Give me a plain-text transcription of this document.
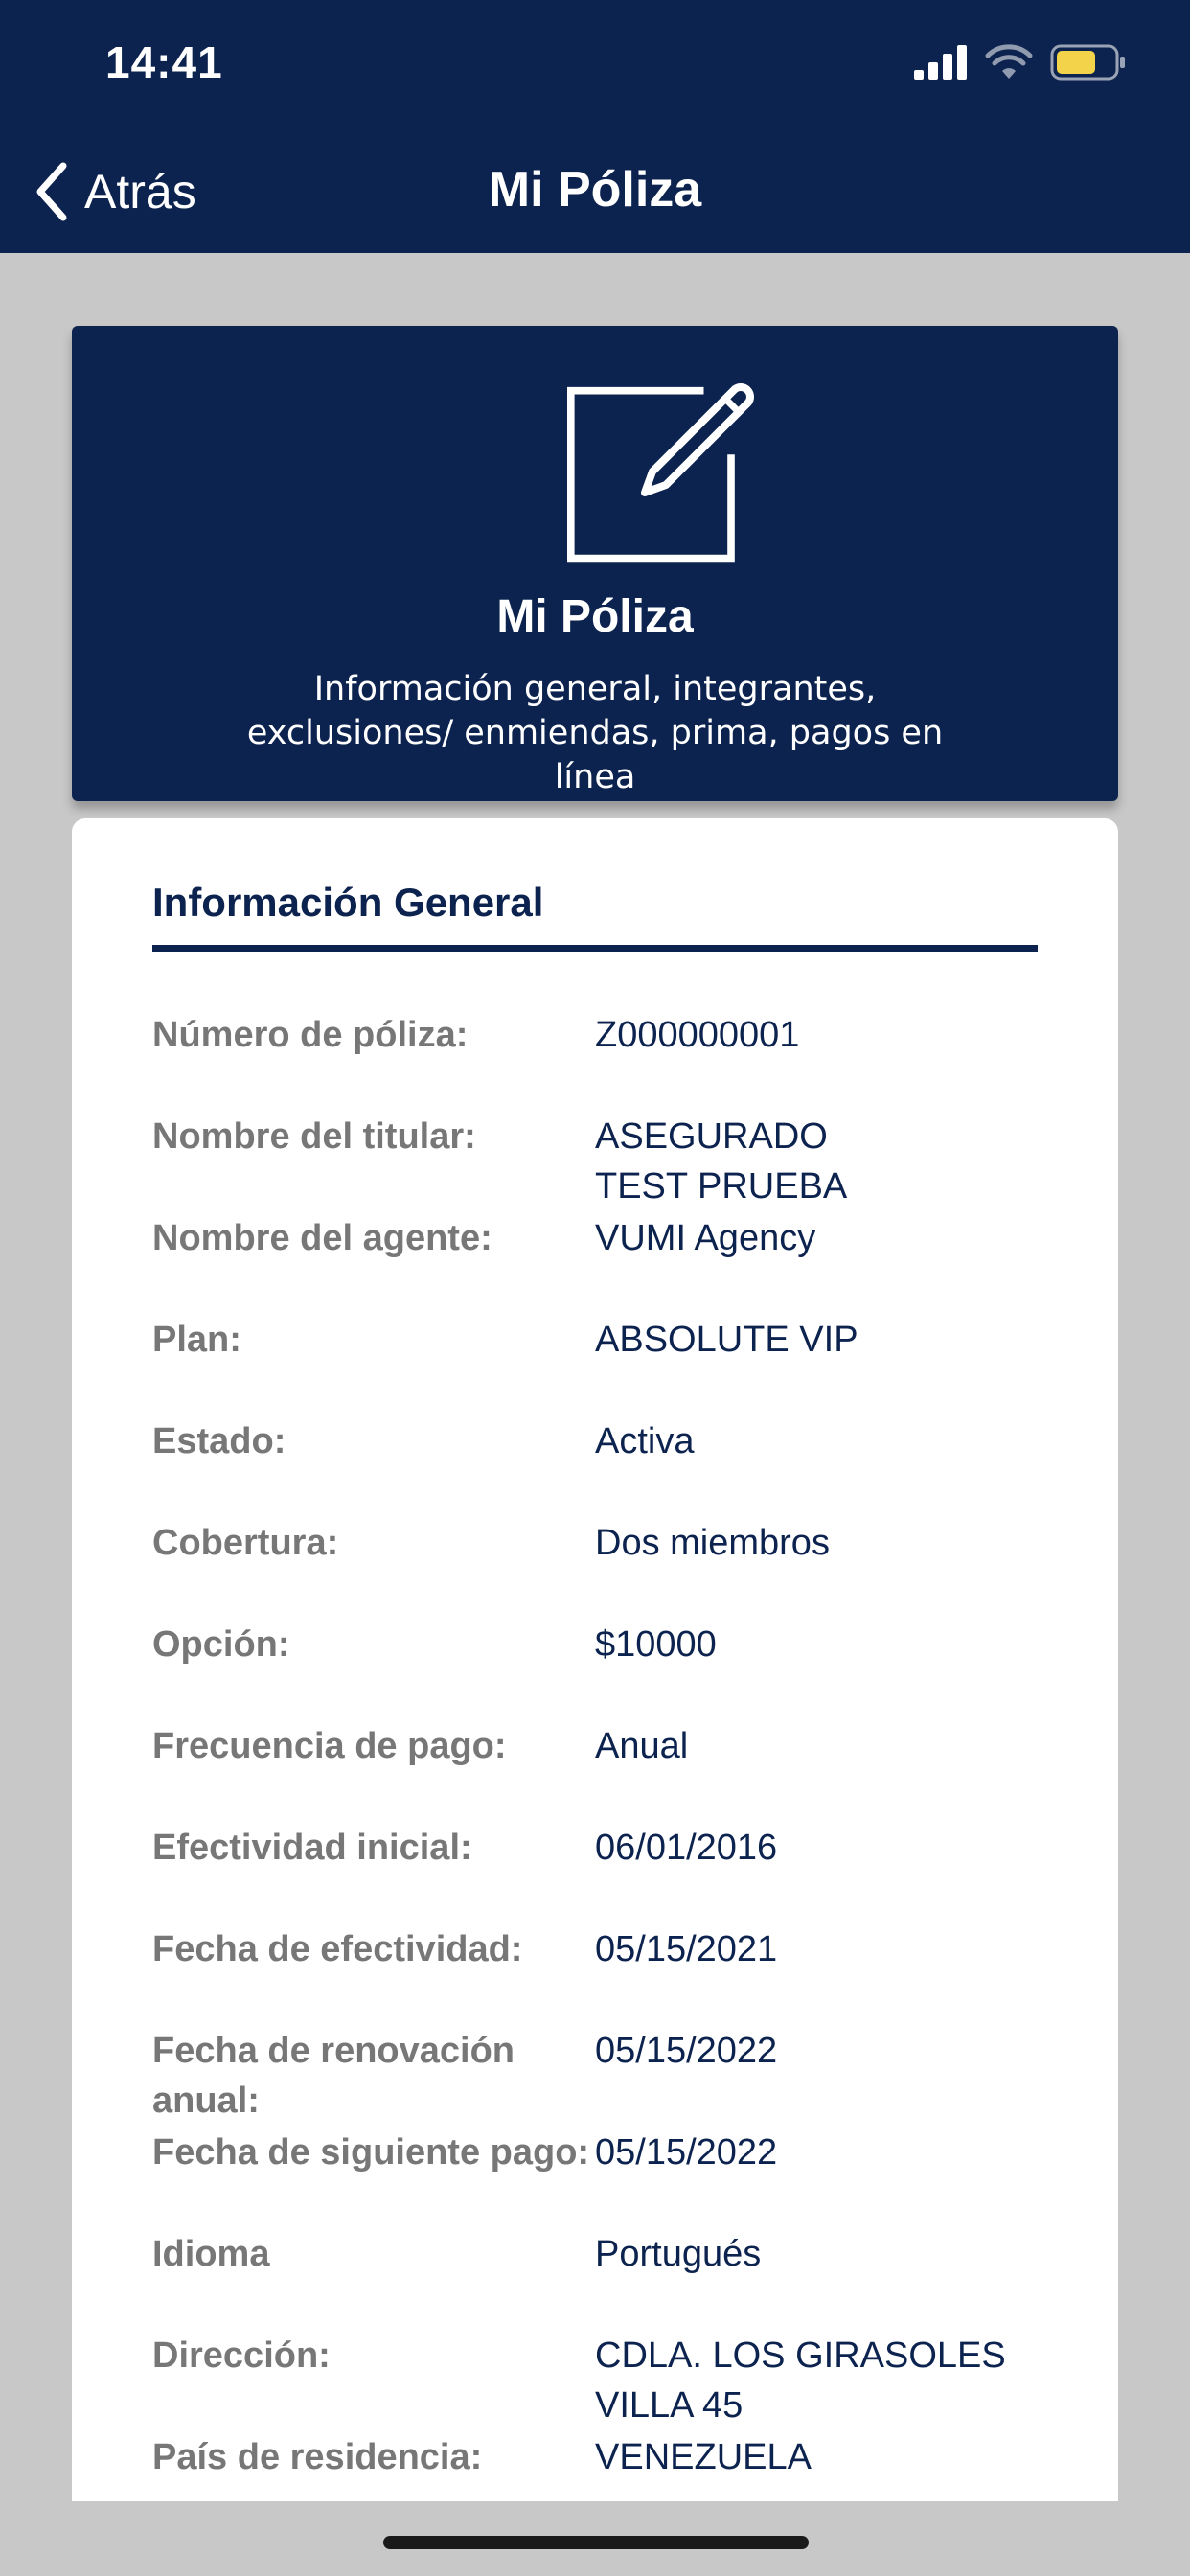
14:41
Atrás	Mi Póliza
Mi Póliza
Información general, integrantes, exclusiones/ enmiendas, prima, pagos en línea
Información General
Número de póliza:	Z000000001
Nombre del titular:	ASEGURADO TEST PRUEBA
Nombre del agente:	VUMI Agency
Plan:	ABSOLUTE VIP
Estado:	Activa
Cobertura:	Dos miembros
Opción:	$10000
Frecuencia de pago:	Anual
Efectividad inicial:	06/01/2016
Fecha de efectividad:	05/15/2021
Fecha de renovación anual:
05/15/2022
Fecha de siguiente pago: 05/15/2022
Idioma	Portugués
Dirección:	CDLA. LOS GIRASOLES VILLA 45
País de residencia:	VENEZUELA
